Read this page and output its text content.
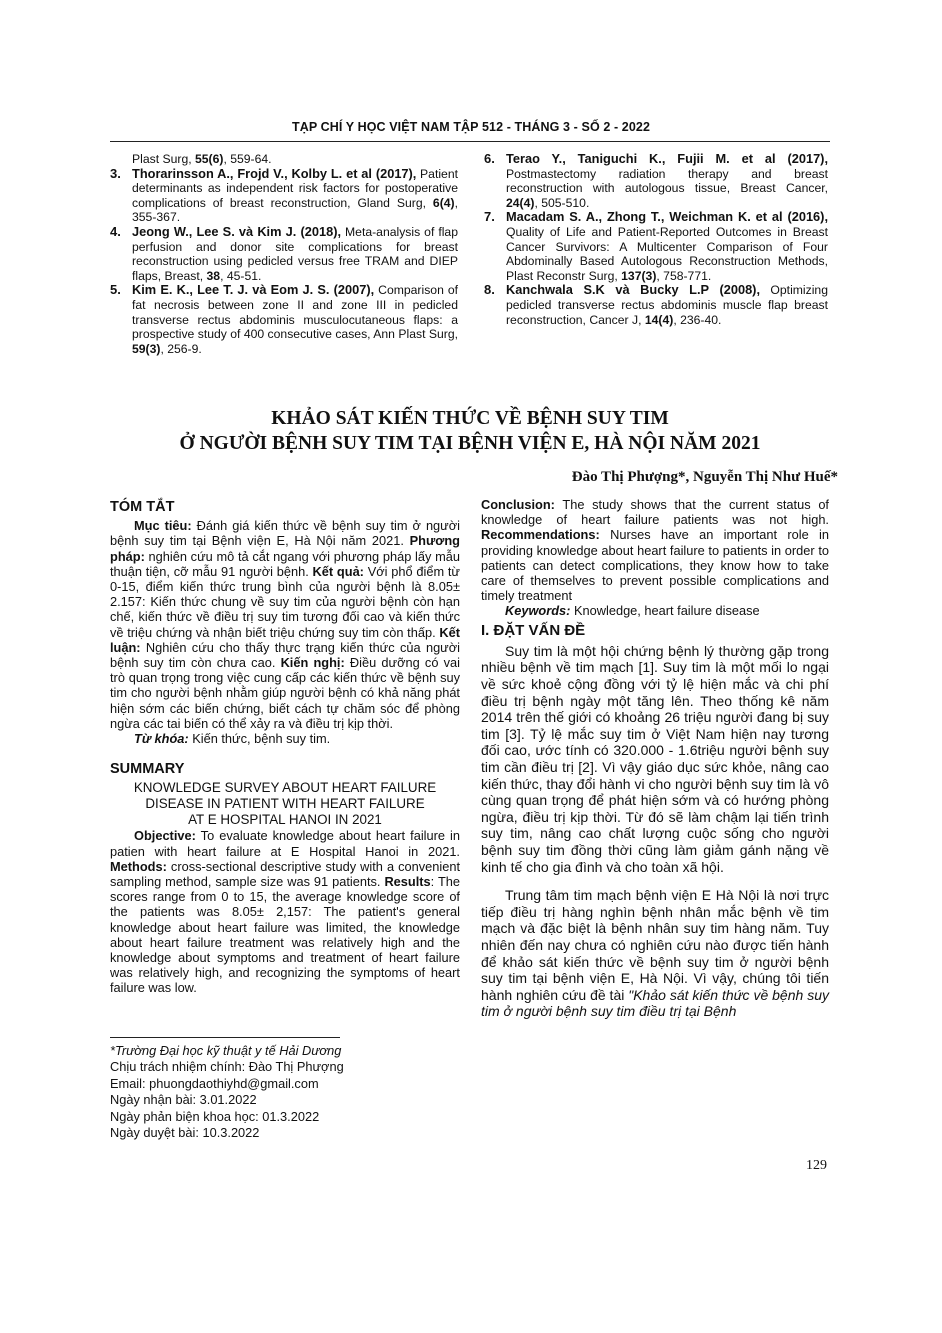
TẠP CHÍ Y HỌC VIỆT NAM TẬP 512 - THÁNG 3 - SỐ 2 - 2022
Plast Surg, 55(6), 559-64.
3. Thorarinsson A., Frojd V., Kolby L. et al (2017), Patient determinants as independent risk factors for postoperative complications of breast reconstruction, Gland Surg, 6(4), 355-367.
4. Jeong W., Lee S. và Kim J. (2018), Meta-analysis of flap perfusion and donor site complications for breast reconstruction using pedicled versus free TRAM and DIEP flaps, Breast, 38, 45-51.
5. Kim E. K., Lee T. J. và Eom J. S. (2007), Comparison of fat necrosis between zone II and zone III in pedicled transverse rectus abdominis musculocutaneous flaps: a prospective study of 400 consecutive cases, Ann Plast Surg, 59(3), 256-9.
6. Terao Y., Taniguchi K., Fujii M. et al (2017), Postmastectomy radiation therapy and breast reconstruction with autologous tissue, Breast Cancer, 24(4), 505-510.
7. Macadam S. A., Zhong T., Weichman K. et al (2016), Quality of Life and Patient-Reported Outcomes in Breast Cancer Survivors: A Multicenter Comparison of Four Abdominally Based Autologous Reconstruction Methods, Plast Reconstr Surg, 137(3), 758-771.
8. Kanchwala S.K và Bucky L.P (2008), Optimizing pedicled transverse rectus abdominis muscle flap breast reconstruction, Cancer J, 14(4), 236-40.
KHẢO SÁT KIẾN THỨC VỀ BỆNH SUY TIM
Ở NGƯỜI BỆNH SUY TIM TẠI BỆNH VIỆN E, HÀ NỘI NĂM 2021
Đào Thị Phượng*, Nguyễn Thị Như Huế*
TÓM TẮT

Mục tiêu: Đánh giá kiến thức về bệnh suy tim ở người bệnh suy tim tại Bệnh viện E, Hà Nội năm 2021. Phương pháp: nghiên cứu mô tả cắt ngang với phương pháp lấy mẫu thuận tiện, cỡ mẫu 91 người bệnh. Kết quả: Với phổ điểm từ 0-15, điểm kiến thức trung bình của người bệnh là 8.05± 2.157: Kiến thức chung về suy tim của người bệnh còn hạn chế, kiến thức về điều trị suy tim tương đối cao và kiến thức về triệu chứng và nhận biết triệu chứng suy tim còn thấp. Kết luận: Nghiên cứu cho thấy thực trạng kiến thức của người bệnh suy tim còn chưa cao. Kiến nghị: Điều dưỡng có vai trò quan trọng trong việc cung cấp các kiến thức về bệnh suy tim cho người bệnh nhằm giúp người bệnh có khả năng phát hiện sớm các biến chứng, biết cách tự chăm sóc để phòng ngừa các tai biến có thể xảy ra và điều trị kịp thời.

Từ khóa: Kiến thức, bệnh suy tim.

SUMMARY

KNOWLEDGE SURVEY ABOUT HEART FAILURE

DISEASE IN PATIENT WITH HEART FAILURE

AT E HOSPITAL HANOI IN 2021

Objective: To evaluate knowledge about heart failure in patien with heart failure at E Hospital Hanoi in 2021. Methods: cross-sectional descriptive study with a convenient sampling method, sample size was 91 patients. Results: The scores range from 0 to 15, the average knowledge score of the patients was 8.05± 2,157: The patient's general knowledge about heart failure was limited, the knowledge about heart failure treatment was relatively high and the knowledge about symptoms and treatment of heart failure was relatively high, and recognizing the symptoms of heart failure was low.

Conclusion: The study shows that the current status of knowledge of heart failure patients was not high. Recommendations: Nurses have an important role in providing knowledge about heart failure to patients in order to patients can detect complications, they know how to take care of themselves to prevent possible complications and timely treatment

Keywords: Knowledge, heart failure disease

I. ĐẶT VẤN ĐỀ

Suy tim là một hội chứng bệnh lý thường gặp trong nhiều bệnh về tim mạch [1]. Suy tim là một mối lo ngại về sức khoẻ cộng đồng với tỷ lệ hiện mắc và chi phí điều trị bệnh ngày một tăng lên. Theo thống kê năm 2014 trên thế giới có khoảng 26 triệu người đang bị suy tim [3]. Tỷ lệ mắc suy tim ở Việt Nam hiện nay tương đối cao, ước tính có 320.000 - 1.6triệu người bệnh suy tim cần điều trị [2]. Vì vậy giáo dục sức khỏe, nâng cao kiến thức, thay đổi hành vi cho người bệnh suy tim là vô cùng quan trọng để phát hiện sớm và có hướng phòng ngừa, điều trị kịp thời. Từ đó sẽ làm chậm lại tiến trình suy tim, nâng cao chất lượng cuộc sống cho người bệnh suy tim đồng thời cũng làm giảm gánh nặng về kinh tế cho gia đình và cho toàn xã hội.

Trung tâm tim mạch bệnh viện E Hà Nội là nơi trực tiếp điều trị hàng nghìn bệnh nhân mắc bệnh về tim mạch và đặc biệt là bệnh nhân suy tim hàng năm. Tuy nhiên đến nay chưa có nghiên cứu nào được tiến hành để khảo sát kiến thức về bệnh suy tim ở người bệnh suy tim tại bệnh viện E, Hà Nội. Vì vậy, chúng tôi tiến hành nghiên cứu đề tài "Khảo sát kiến thức về bệnh suy tim ở người bệnh suy tim điều trị tại Bệnh

*Trường Đại học kỹ thuật y tế Hải Dương
Chịu trách nhiệm chính: Đào Thị Phượng
Email: phuongdaothiyhd@gmail.com
Ngày nhận bài: 3.01.2022
Ngày phản biện khoa học: 01.3.2022
Ngày duyệt bài: 10.3.2022
129
